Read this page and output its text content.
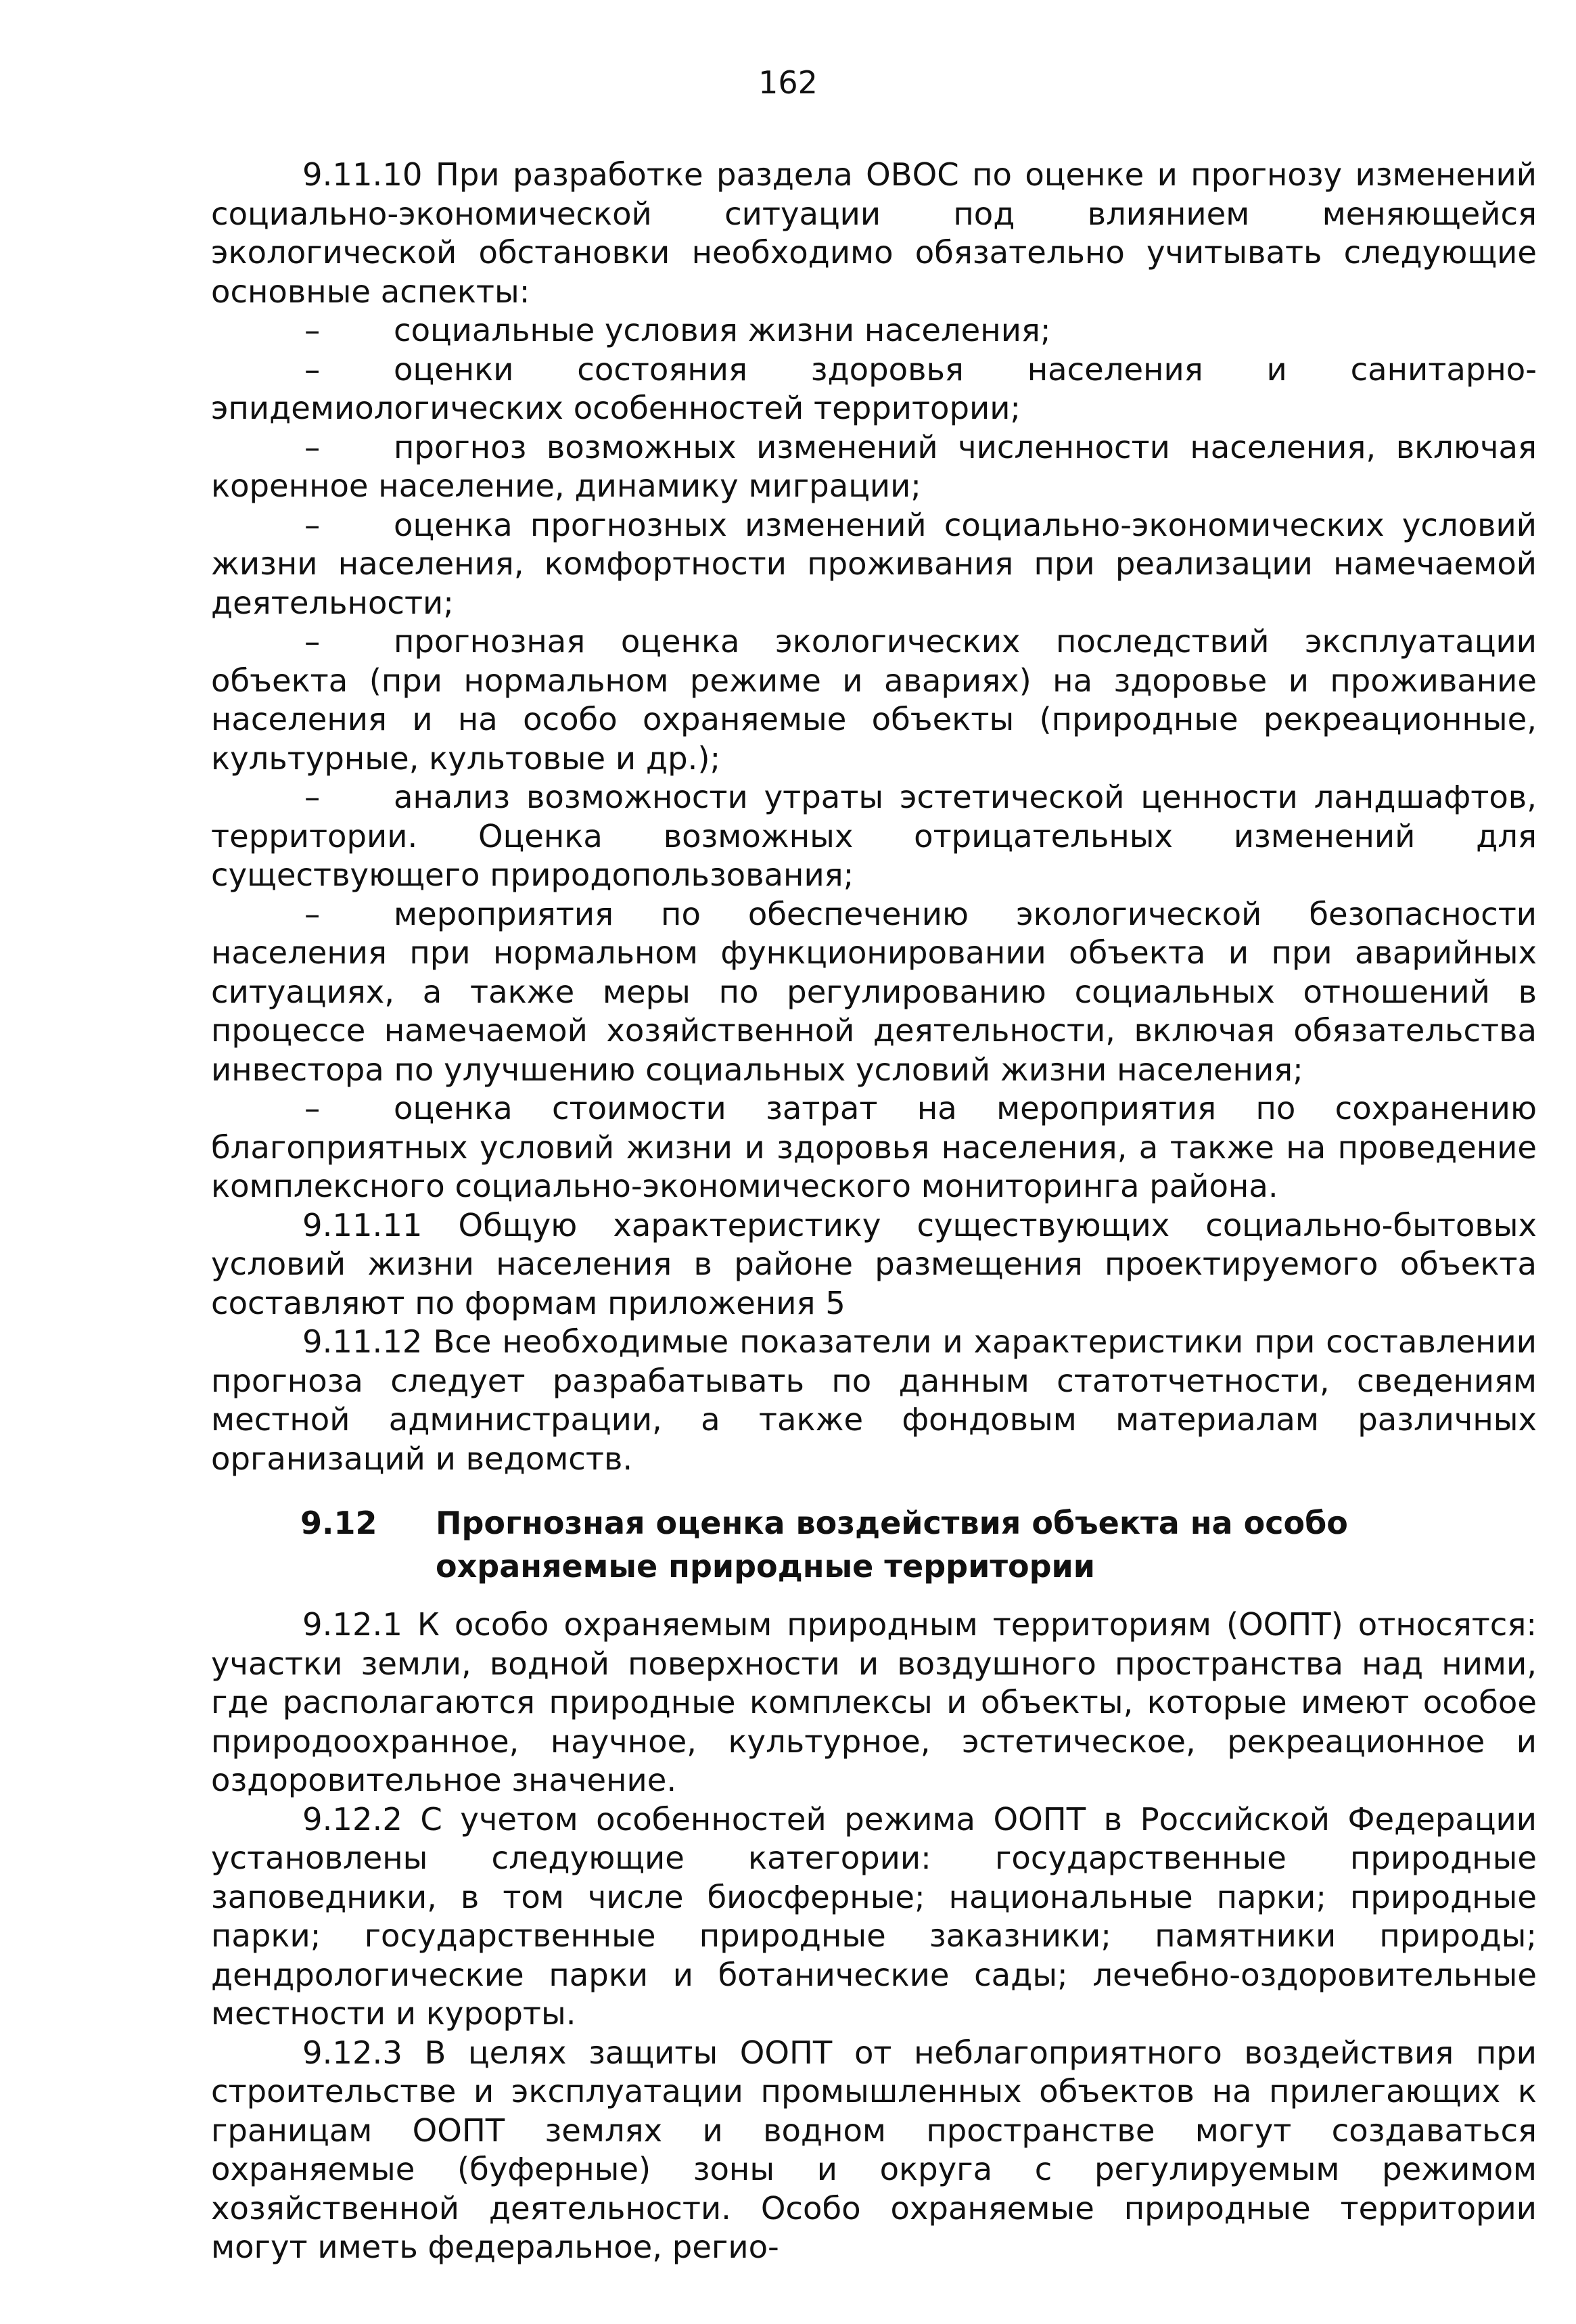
162

9.11.10 При разработке раздела ОВОС по оценке и прогнозу изменений социально-экономической ситуации под влиянием меняющейся экологической обстановки необходимо обязательно учитывать следующие основные аспекты:

– социальные условия жизни населения;

– оценки состояния здоровья населения и санитарно-эпидемиологических особенностей территории;

– прогноз возможных изменений численности населения, включая коренное население, динамику миграции;

– оценка прогнозных изменений социально-экономических условий жизни населения, комфортности проживания при реализации намечаемой деятельности;

– прогнозная оценка экологических последствий эксплуатации объекта (при нормальном режиме и авариях) на здоровье и проживание населения и на особо охраняемые объекты (природные рекреационные, культурные, культовые и др.);

– анализ возможности утраты эстетической ценности ландшафтов, территории. Оценка возможных отрицательных изменений для существующего природопользования;

– мероприятия по обеспечению экологической безопасности населения при нормальном функционировании объекта и при аварийных ситуациях, а также меры по регулированию социальных отношений в процессе намечаемой хозяйственной деятельности, включая обязательства инвестора по улучшению социальных условий жизни населения;

– оценка стоимости затрат на мероприятия по сохранению благоприятных условий жизни и здоровья населения, а также на проведение комплексного социально-экономического мониторинга района.

9.11.11 Общую характеристику существующих социально-бытовых условий жизни населения в районе размещения проектируемого объекта составляют по формам приложения 5

9.11.12 Все необходимые показатели и характеристики при составлении прогноза следует разрабатывать по данным статотчетности, сведениям местной администрации, а также фондовым материалам различных организаций и ведомств.

9.12	Прогнозная оценка воздействия объекта на особо охраняемые природные территории

9.12.1 К особо охраняемым природным территориям (ООПТ) относятся: участки земли, водной поверхности и воздушного пространства над ними, где располагаются природные комплексы и объекты, которые имеют особое природоохранное, научное, культурное, эстетическое, рекреационное и оздоровительное значение.

9.12.2 С учетом особенностей режима ООПТ в Российской Федерации установлены следующие категории: государственные природные заповедники, в том числе биосферные; национальные парки; природные парки; государственные природные заказники; памятники природы; дендрологические парки и ботанические сады; лечебно-оздоровительные местности и курорты.

9.12.3 В целях защиты ООПТ от неблагоприятного воздействия при строительстве и эксплуатации промышленных объектов на прилегающих к границам ООПТ землях и водном пространстве могут создаваться охраняемые (буферные) зоны и округа с регулируемым режимом хозяйственной деятельности. Особо охраняемые природные территории могут иметь федеральное, регио-
